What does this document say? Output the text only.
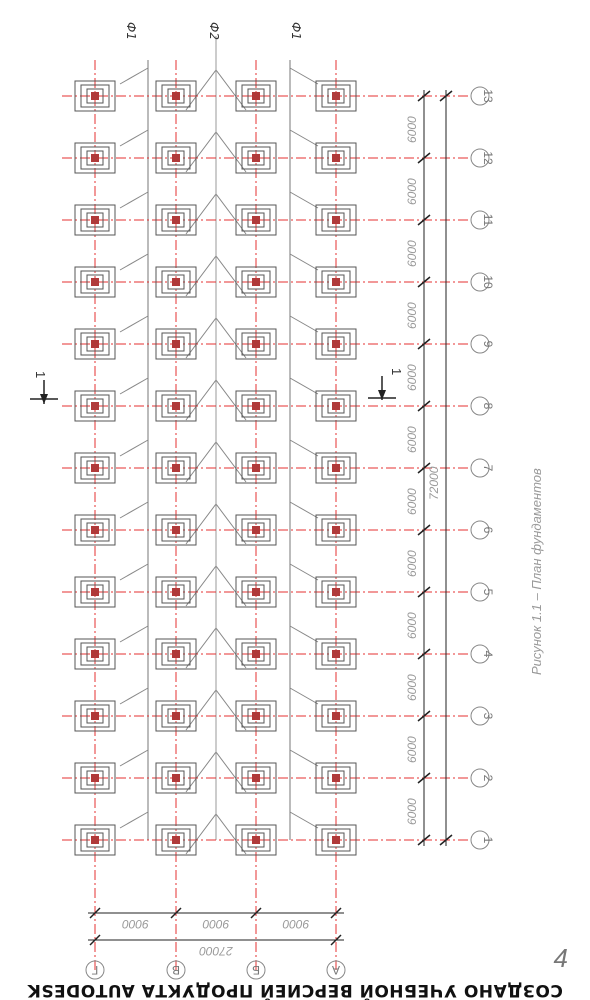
6000
6000
6000
6000
6000
6000
6000
6000
6000
6000
6000
6000
72000
1
2
3
4
5
6
7
8
9
10
11
12
13
9000	9000	9000
27000
Г	В	Б	А
Ф1	Ф2	Ф1
1	1
Рисунок 1.1 – План фундаментов
4
СОЗДАНО УЧЕБНОЙ ВЕРСИЕЙ ПРОДУКТА AUTODESK
